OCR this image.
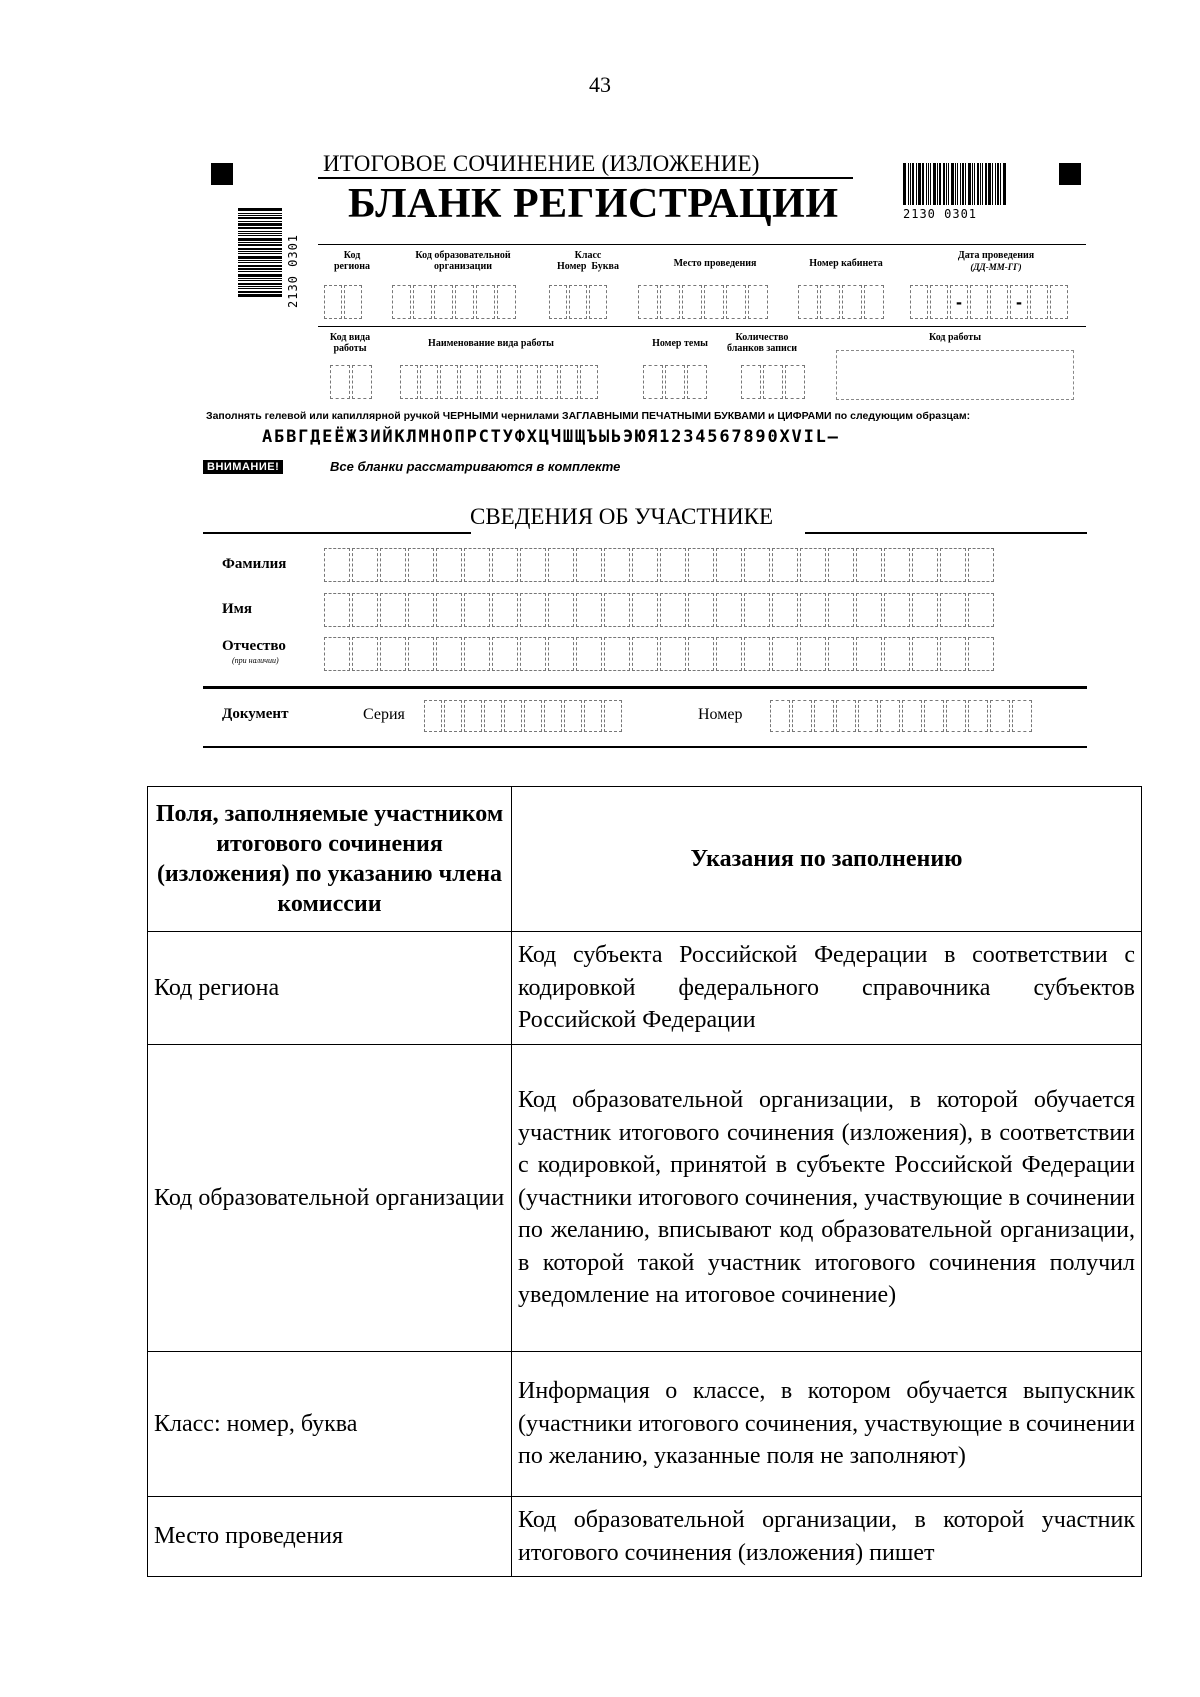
43
ИТОГОВОЕ СОЧИНЕНИЕ (ИЗЛОЖЕНИЕ)
БЛАНК РЕГИСТРАЦИИ	2130 0301
2130 0301	Код
региона
Код образовательной
организации
Класс
Номер  Буква	Место проведения	Номер кабинета
Дата проведения
(ДД-ММ-ГГ)
-	-
Код вида
работы	Наименование вида работы	Номер темы
Количество
бланков записи
Код работы
Заполнять гелевой или капиллярной ручкой ЧЕРНЫМИ чернилами ЗАГЛАВНЫМИ ПЕЧАТНЫМИ БУКВАМИ и ЦИФРАМИ по следующим образцам:
АБВГДЕЁЖЗИЙКЛМНОПРСТУФХЦЧШЩЪЫЬЭЮЯ1234567890XVIL–
ВНИМАНИЕ!	Все бланки рассматриваются в комплекте
СВЕДЕНИЯ ОБ УЧАСТНИКЕ
Фамилия
Имя
Отчество
(при наличии)
Документ	Серия	Номер
Поля, заполняемые участником итогового сочинения (изложения) по указанию члена комиссии	Указания по заполнению
Код региона	Код субъекта Российской Федерации в соответствии с кодировкой федерального справочника субъектов Российской Федерации
Код образовательной организации	Код образовательной организации, в которой обучается участник итогового сочинения (изложения), в соответствии с кодировкой, принятой в субъекте Российской Федерации (участники итогового сочинения, участвующие в сочинении по желанию, вписывают код образовательной организации, в которой такой участник итогового сочинения получил уведомление на итоговое сочинение)
Класс: номер, буква	Информация о классе, в котором обучается выпускник (участники итогового сочинения, участвующие в сочинении по желанию, указанные поля не заполняют)
Место проведения	Код образовательной организации, в которой участник итогового сочинения (изложения) пишет
